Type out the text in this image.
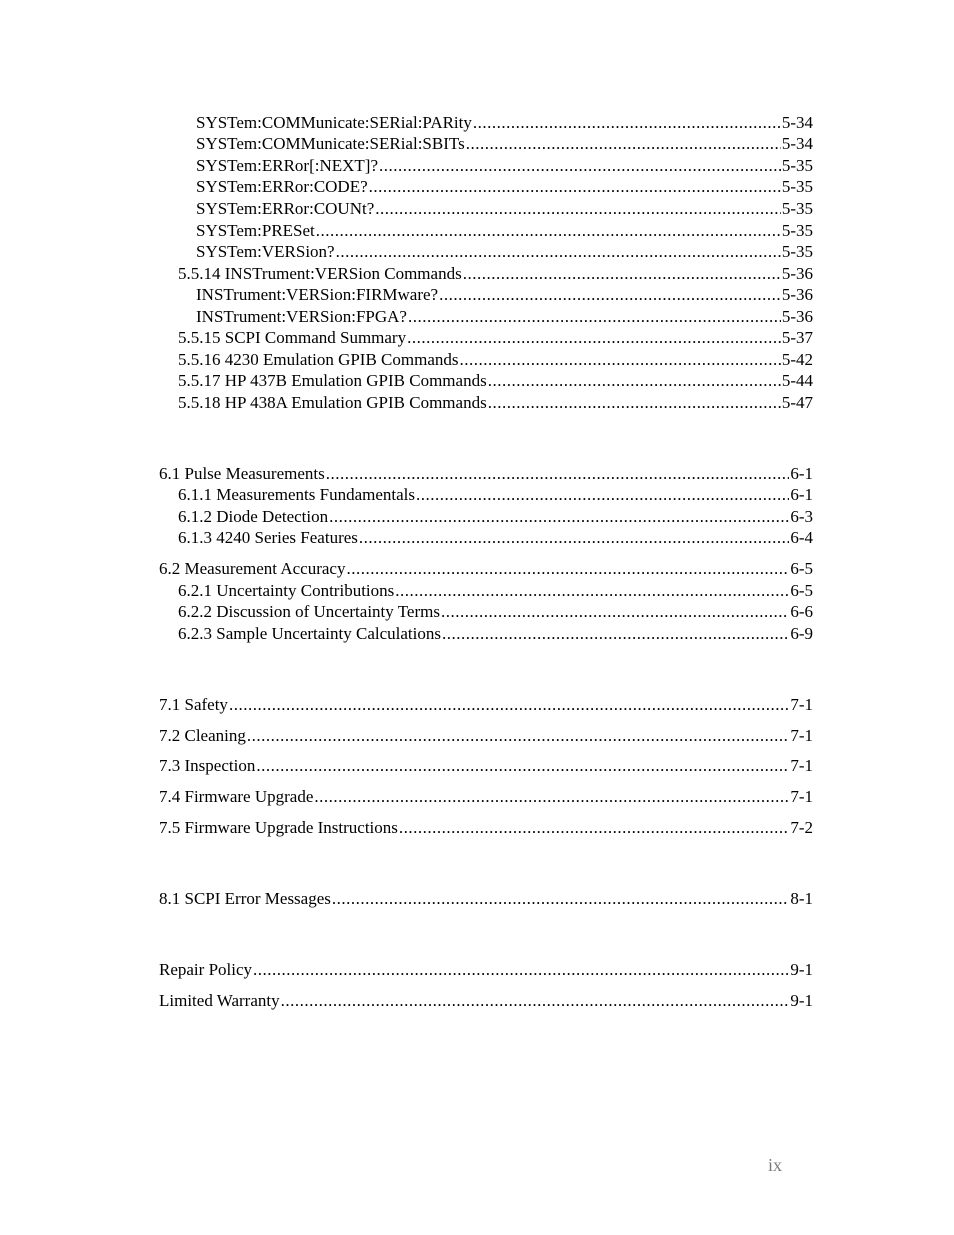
SYSTem:COMMunicate:SERial:PARity .....	5-34
SYSTem:COMMunicate:SERial:SBITs .....	5-34
SYSTem:ERRor[:NEXT]? .....	5-35
SYSTem:ERRor:CODE? .....	5-35
SYSTem:ERRor:COUNt? .....	5-35
SYSTem:PRESet .....	5-35
SYSTem:VERSion? .....	5-35
5.5.14 INSTrument:VERSion Commands .....	5-36
INSTrument:VERSion:FIRMware? .....	5-36
INSTrument:VERSion:FPGA? .....	5-36
5.5.15 SCPI Command Summary .....	5-37
5.5.16 4230 Emulation GPIB Commands .....	5-42
5.5.17 HP 437B Emulation GPIB Commands .....	5-44
5.5.18 HP 438A Emulation GPIB Commands .....	5-47
6.1 Pulse Measurements .....	6-1
6.1.1 Measurements Fundamentals .....	6-1
6.1.2 Diode Detection .....	6-3
6.1.3 4240 Series Features .....	6-4
6.2 Measurement Accuracy .....	6-5
6.2.1 Uncertainty Contributions .....	6-5
6.2.2 Discussion of Uncertainty Terms .....	6-6
6.2.3 Sample Uncertainty Calculations .....	6-9
7.1 Safety .....	7-1
7.2 Cleaning .....	7-1
7.3 Inspection .....	7-1
7.4 Firmware Upgrade .....	7-1
7.5 Firmware Upgrade Instructions .....	7-2
8.1 SCPI Error Messages .....	8-1
Repair Policy .....	9-1
Limited Warranty .....	9-1
ix
